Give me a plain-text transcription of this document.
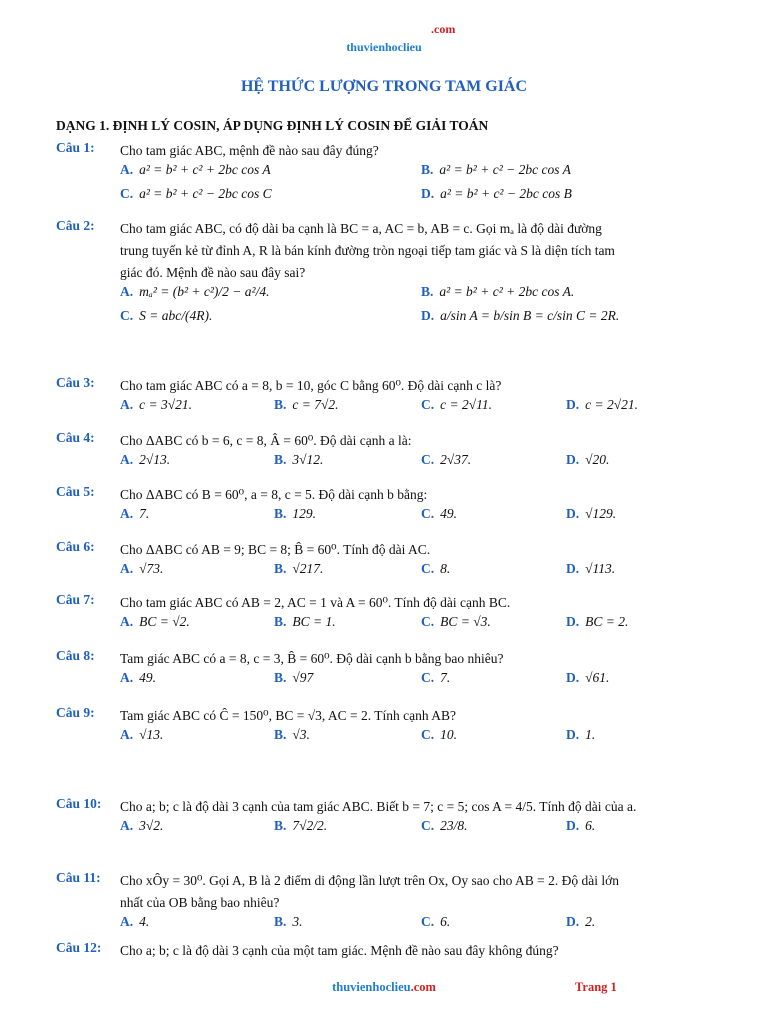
.com
thuvienhoclieu
HỆ THỨC LƯỢNG TRONG TAM GIÁC
DẠNG 1. ĐỊNH LÝ COSIN, ÁP DỤNG ĐỊNH LÝ COSIN ĐỂ GIẢI TOÁN
Câu 1:	Cho tam giác ABC, mệnh đề nào sau đây đúng?

A. a² = b² + c² + 2bc cos A	B. a² = b² + c² − 2bc cos A
C. a² = b² + c² − 2bc cos C	D. a² = b² + c² − 2bc cos B
Câu 2:	Cho tam giác ABC, có độ dài ba cạnh là BC = a, AC = b, AB = c. Gọi mₐ là độ dài đường

trung tuyến kẻ từ đỉnh A, R là bán kính đường tròn ngoại tiếp tam giác và S là diện tích tam

giác đó. Mệnh đề nào sau đây sai?

A. mₐ² = (b² + c²)/2 − a²/4.	B. a² = b² + c² + 2bc cos A.
C. S = abc/(4R).	D. a/sin A = b/sin B = c/sin C = 2R.
Câu 3:	Cho tam giác ABC có a = 8, b = 10, góc C bằng 60⁰. Độ dài cạnh c là?

A. c = 3√21.	B. c = 7√2.	C. c = 2√11.	D. c = 2√21.
Câu 4:	Cho ΔABC có b = 6, c = 8, Â = 60⁰. Độ dài cạnh a là:

A. 2√13.	B. 3√12.	C. 2√37.	D. √20.
Câu 5:	Cho ΔABC có B = 60⁰, a = 8, c = 5. Độ dài cạnh b bằng:

A. 7.	B. 129.	C. 49.	D. √129.
Câu 6:	Cho ΔABC có AB = 9; BC = 8; B̂ = 60⁰. Tính độ dài AC.

A. √73.	B. √217.	C. 8.	D. √113.
Câu 7:	Cho tam giác ABC có AB = 2, AC = 1 và A = 60⁰. Tính độ dài cạnh BC.

A. BC = √2.	B. BC = 1.	C. BC = √3.	D. BC = 2.
Câu 8:	Tam giác ABC có a = 8, c = 3, B̂ = 60⁰. Độ dài cạnh b bằng bao nhiêu?

A. 49.	B. √97	C. 7.	D. √61.
Câu 9:	Tam giác ABC có Ĉ = 150⁰, BC = √3, AC = 2. Tính cạnh AB?

A. √13.	B. √3.	C. 10.	D. 1.
Câu 10:	Cho a; b; c là độ dài 3 cạnh của tam giác ABC. Biết b = 7; c = 5; cos A = 4/5. Tính độ dài của a.

A. 3√2.	B. 7√2/2.	C. 23/8.	D. 6.
Câu 11:	Cho xÔy = 30⁰. Gọi A, B là 2 điểm di động lần lượt trên Ox, Oy sao cho AB = 2. Độ dài lớn

nhất của OB bằng bao nhiêu?

A. 4.	B. 3.	C. 6.	D. 2.
Câu 12:	Cho a; b; c là độ dài 3 cạnh của một tam giác. Mệnh đề nào sau đây không đúng?

thuvienhoclieu.com	Trang 1
